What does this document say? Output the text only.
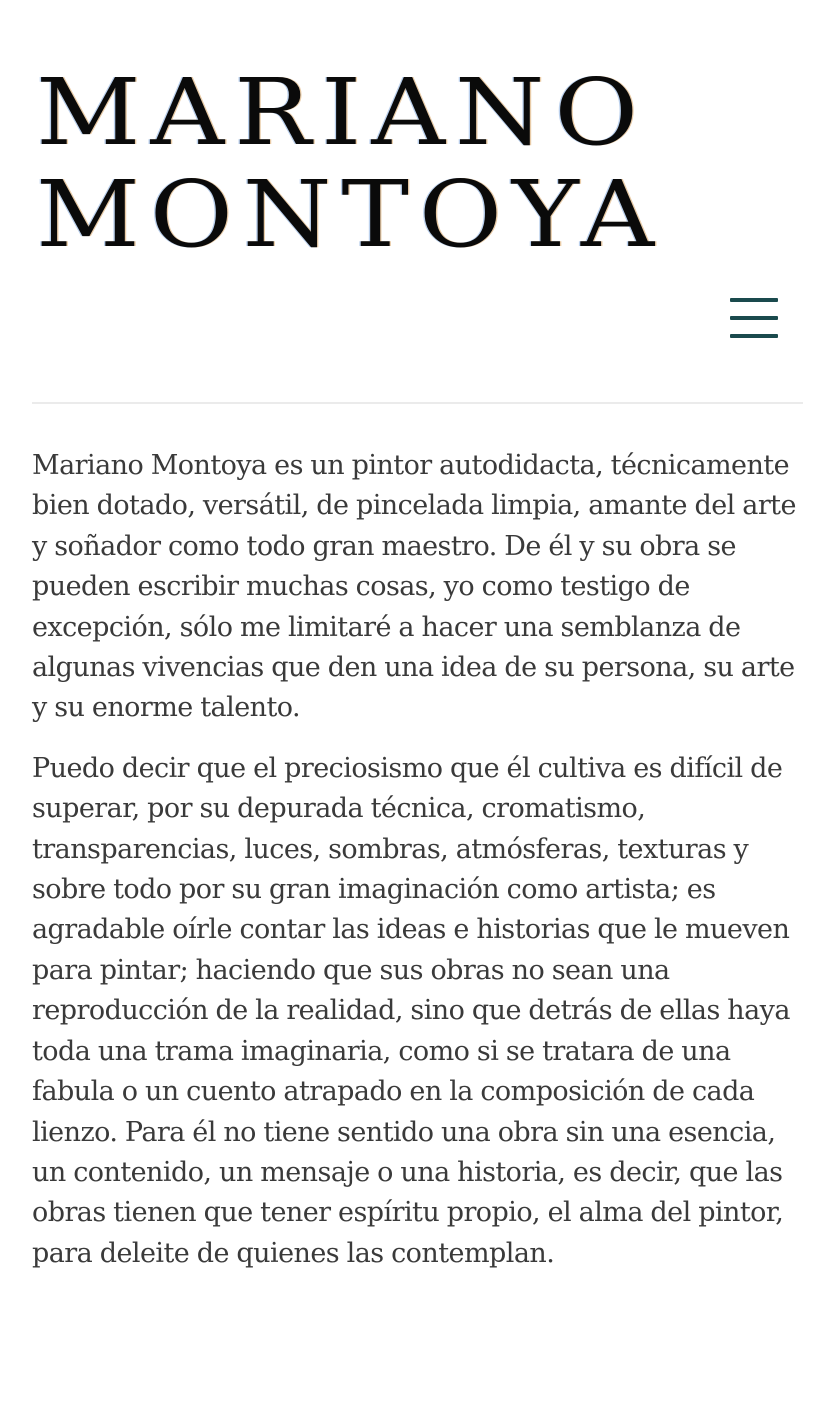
MARIANO
MONTOYA

Mariano Montoya es un pintor autodidacta, técnicamente bien dotado, versátil, de pincelada limpia, amante del arte y soñador como todo gran maestro. De él y su obra se pueden escribir muchas cosas, yo como testigo de excepción, sólo me limitaré a hacer una semblanza de algunas vivencias que den una idea de su persona, su arte y su enorme talento.

Puedo decir que el preciosismo que él cultiva es difícil de superar, por su depurada técnica, cromatismo, transparencias, luces, sombras, atmósferas, texturas y sobre todo por su gran imaginación como artista; es agradable oírle contar las ideas e historias que le mueven para pintar; haciendo que sus obras no sean una reproducción de la realidad, sino que detrás de ellas haya toda una trama imaginaria, como si se tratara de una fabula o un cuento atrapado en la composición de cada lienzo. Para él no tiene sentido una obra sin una esencia, un contenido, un mensaje o una historia, es decir, que las obras tienen que tener espíritu propio, el alma del pintor, para deleite de quienes las contemplan.
